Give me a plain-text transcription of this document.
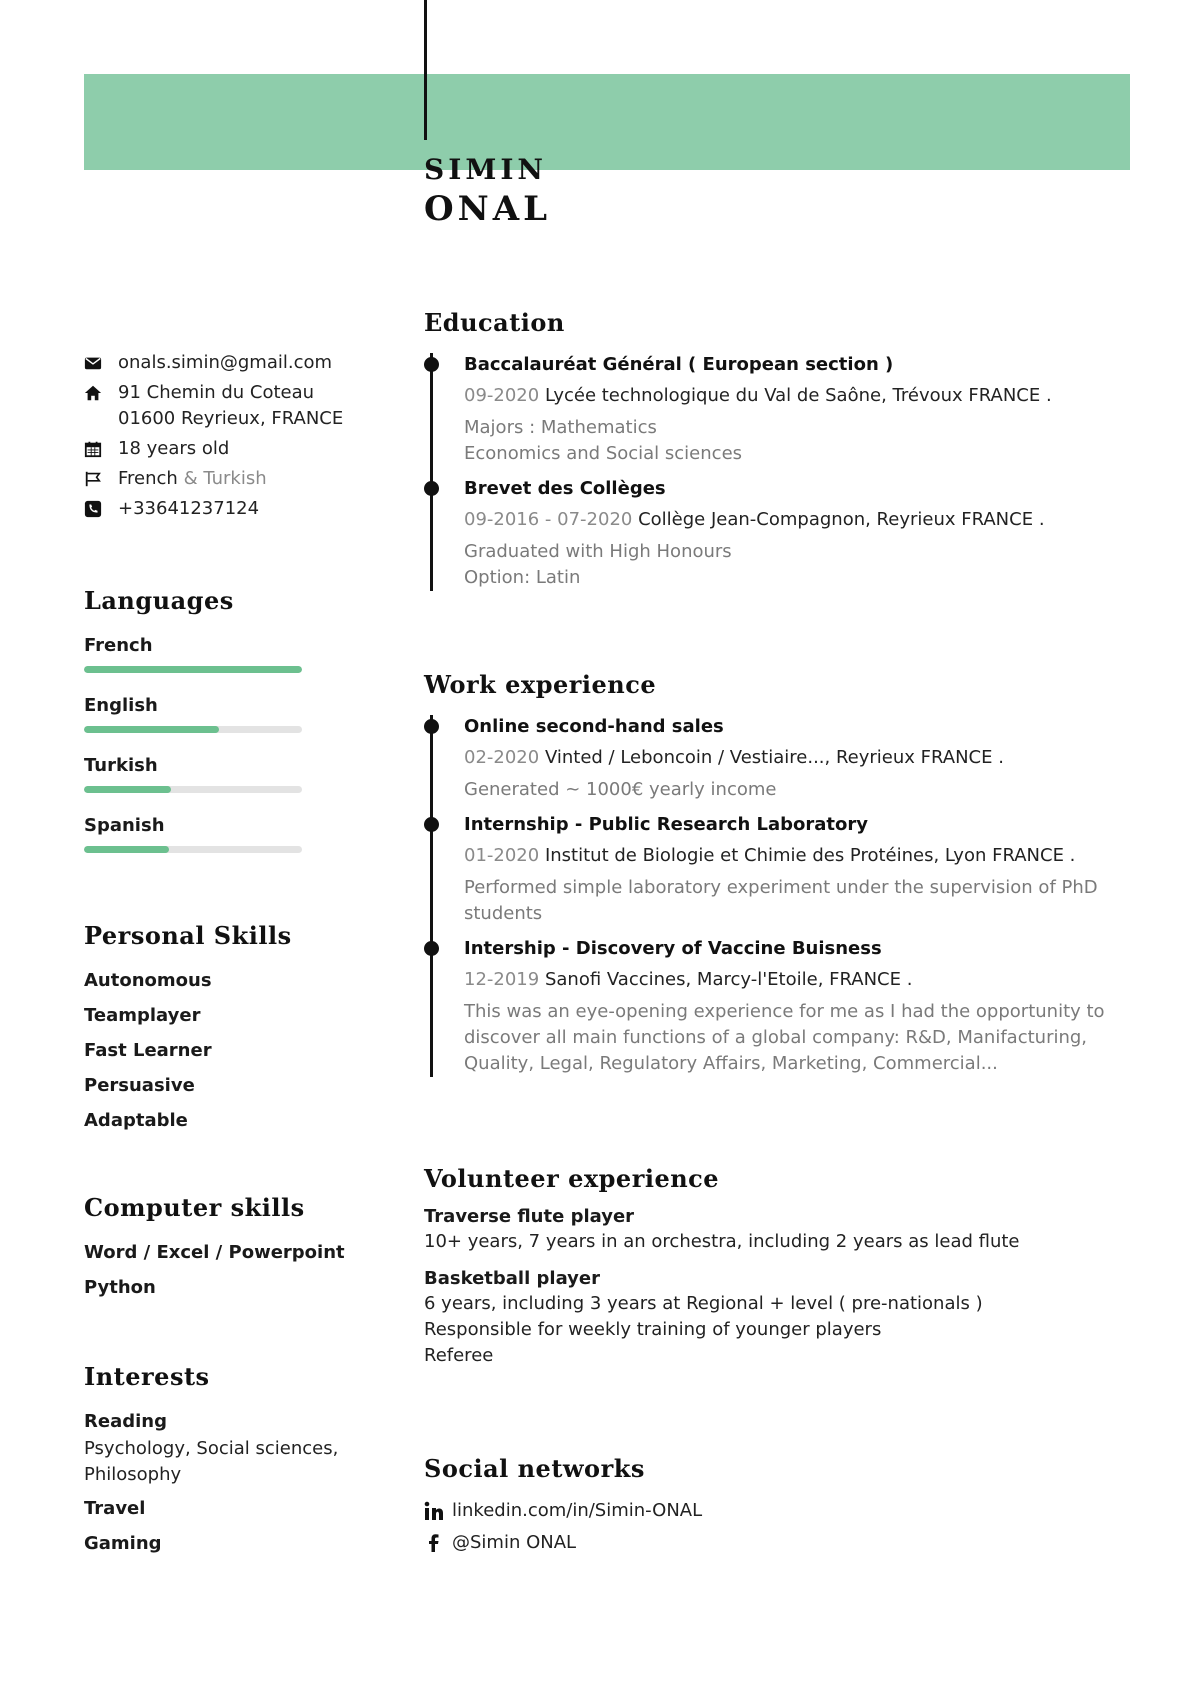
SIMIN
ONAL
onals.simin@gmail.com
91 Chemin du Coteau
01600 Reyrieux, FRANCE
18 years old
French & Turkish
+33641237124
Languages
French
English
Turkish
Spanish
Personal Skills
Autonomous
Teamplayer
Fast Learner
Persuasive
Adaptable
Computer skills
Word / Excel / Powerpoint
Python
Interests
Reading
Psychology, Social sciences, Philosophy
Travel
Gaming
Education
Baccalauréat Général ( European section )
09-2020 Lycée technologique du Val de Saône, Trévoux FRANCE .
Majors : Mathematics
Economics and Social sciences
Brevet des Collèges
09-2016 - 07-2020 Collège Jean-Compagnon, Reyrieux FRANCE .
Graduated with High Honours
Option: Latin
Work experience
Online second-hand sales
02-2020 Vinted / Leboncoin / Vestiaire..., Reyrieux FRANCE .
Generated ~ 1000€ yearly income
Internship - Public Research Laboratory
01-2020 Institut de Biologie et Chimie des Protéines, Lyon FRANCE .
Performed simple laboratory experiment under the supervision of PhD students
Intership - Discovery of Vaccine Buisness
12-2019 Sanofi Vaccines, Marcy-l'Etoile, FRANCE .
This was an eye-opening experience for me as I had the opportunity to discover all main functions of a global company: R&D, Manifacturing, Quality, Legal, Regulatory Affairs, Marketing, Commercial...
Volunteer experience
Traverse flute player
10+ years, 7 years in an orchestra, including 2 years as lead flute
Basketball player
6 years, including 3 years at Regional + level ( pre-nationals )
Responsible for weekly training of younger players
Referee
Social networks
linkedin.com/in/Simin-ONAL
@Simin ONAL
